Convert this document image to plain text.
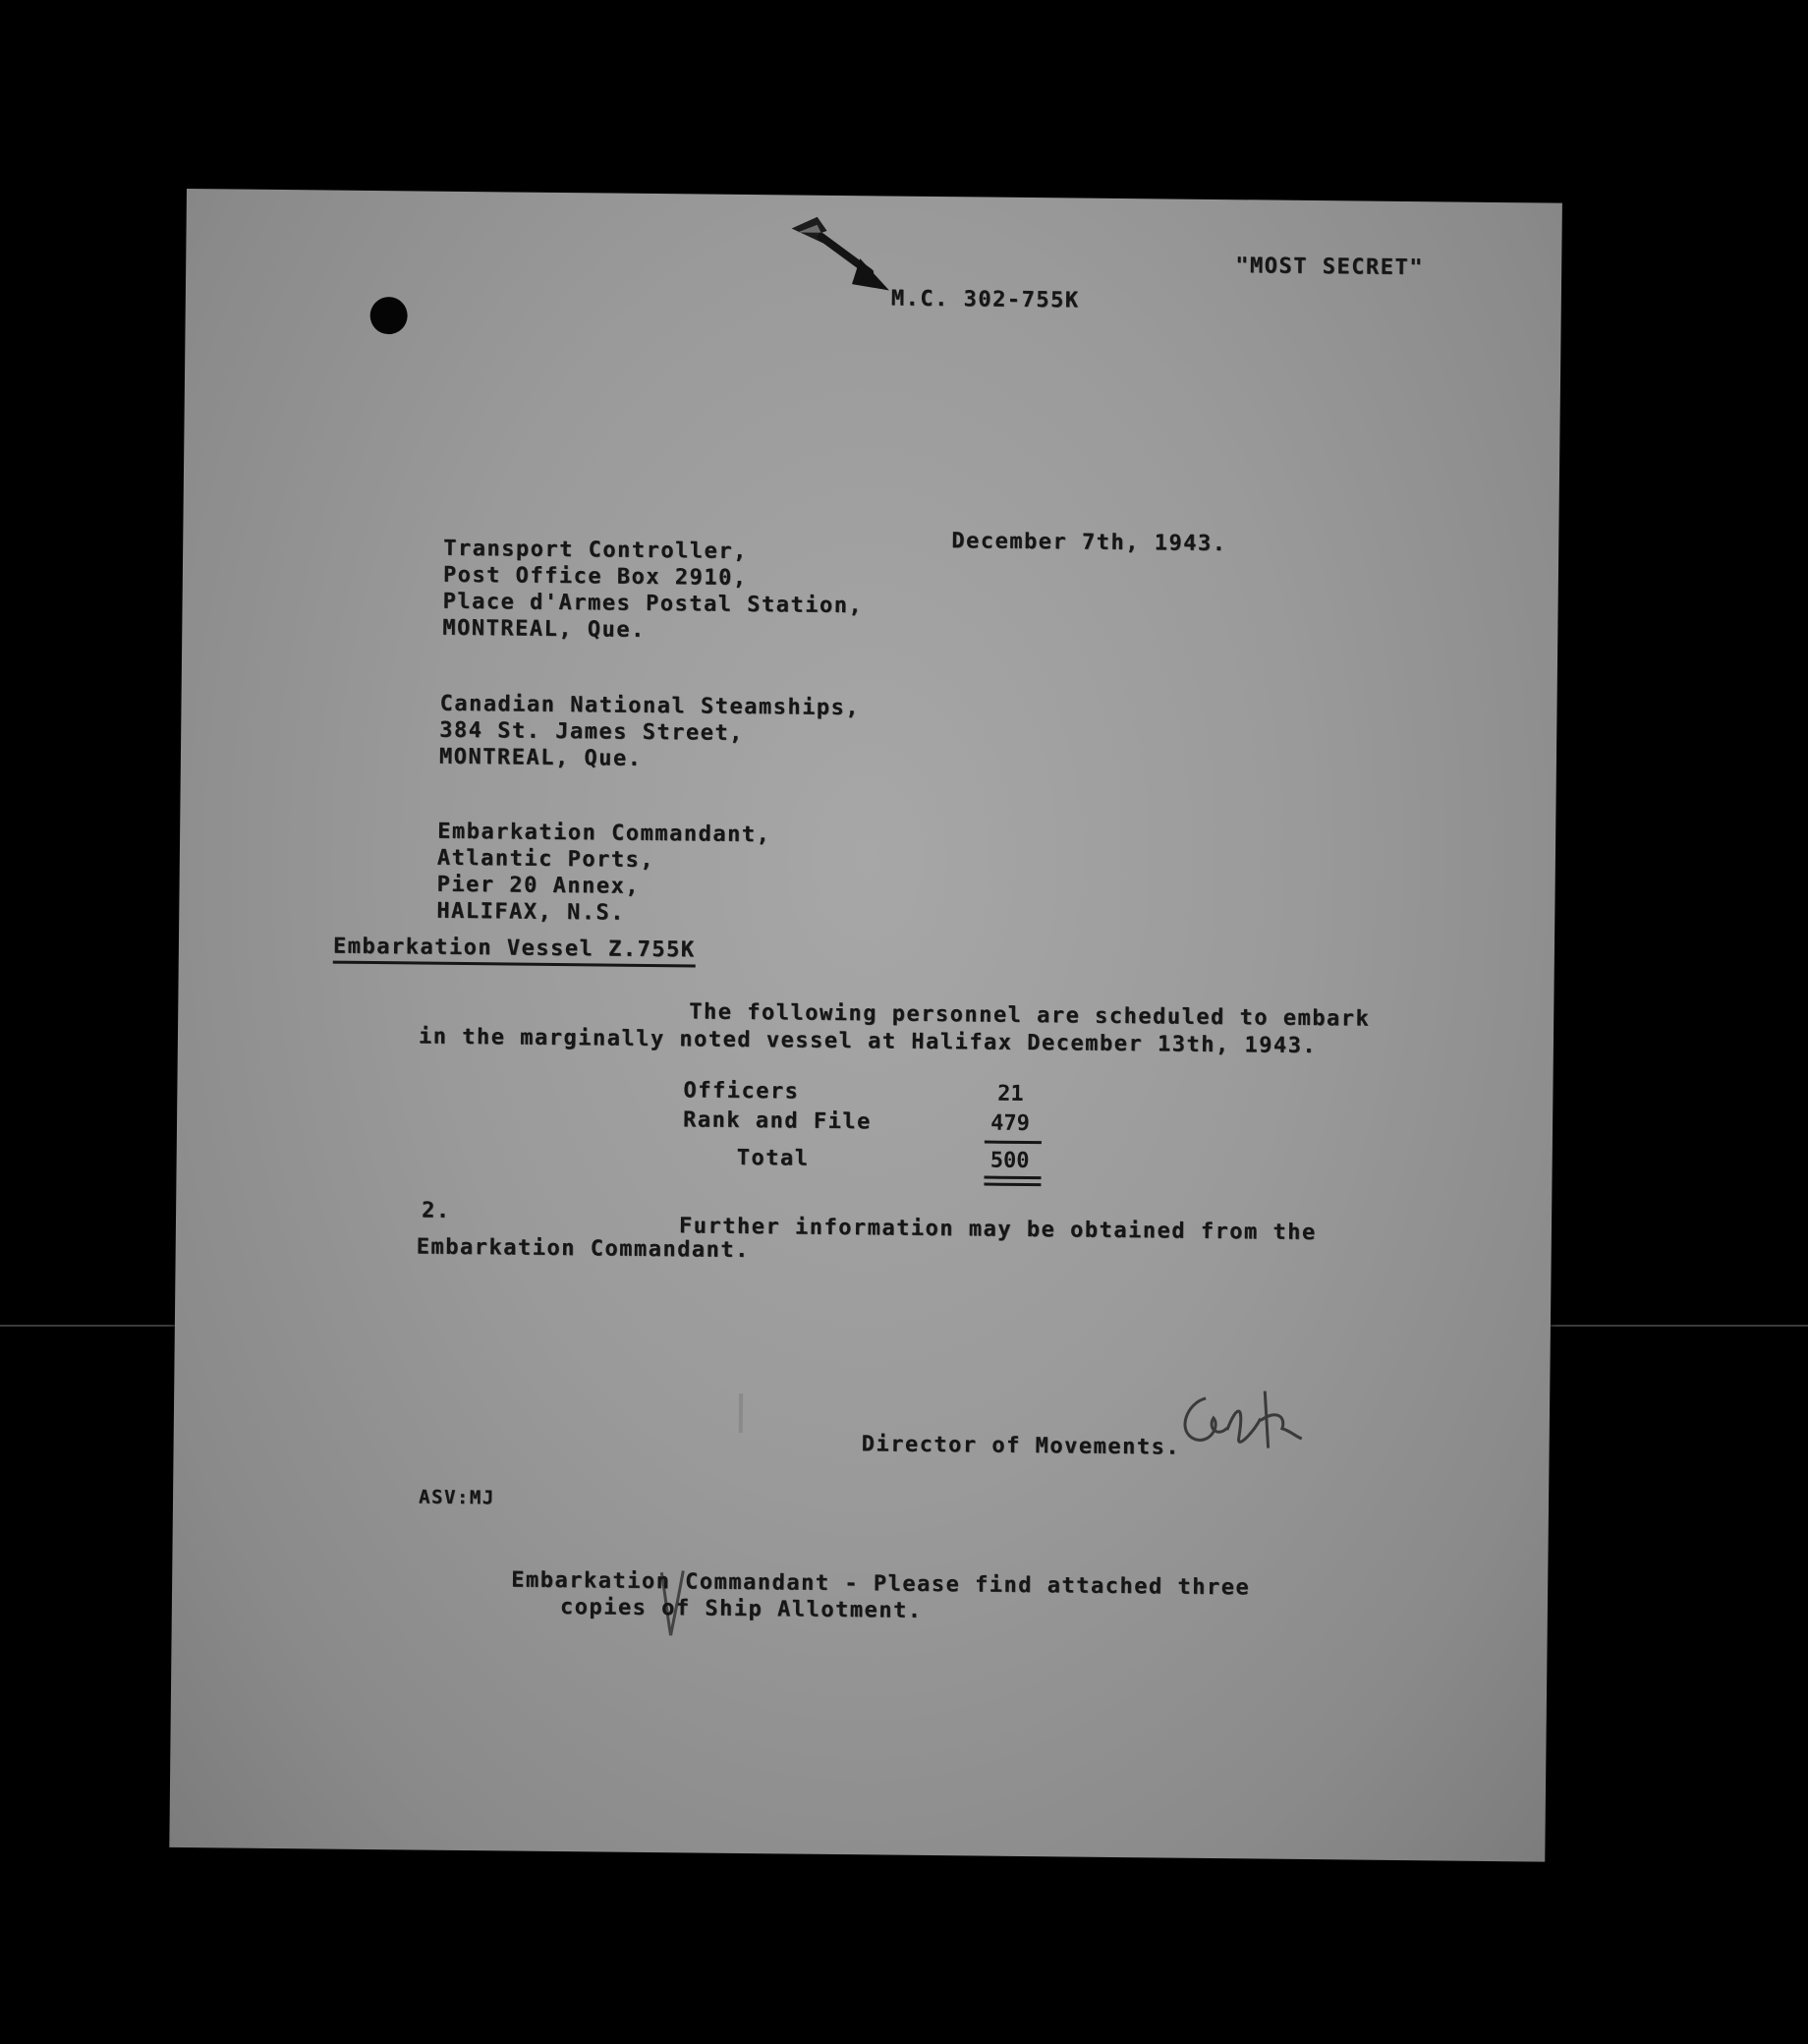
M.C. 302-755K
"MOST SECRET"
December 7th, 1943.
Transport Controller,
Post Office Box 2910,
Place d'Armes Postal Station,
MONTREAL, Que.
Canadian National Steamships,
384 St. James Street,
MONTREAL, Que.
Embarkation Commandant,
Atlantic Ports,
Pier 20 Annex,
HALIFAX, N.S.
Embarkation Vessel Z.755K
The following personnel are scheduled to embark
in the marginally noted vessel at Halifax December 13th, 1943.
Officers	21
Rank and File	479
Total	500
2.
Further information may be obtained from the
Embarkation Commandant.
Director of Movements.
ASV:MJ
Embarkation Commandant - Please find attached three
copies of Ship Allotment.
